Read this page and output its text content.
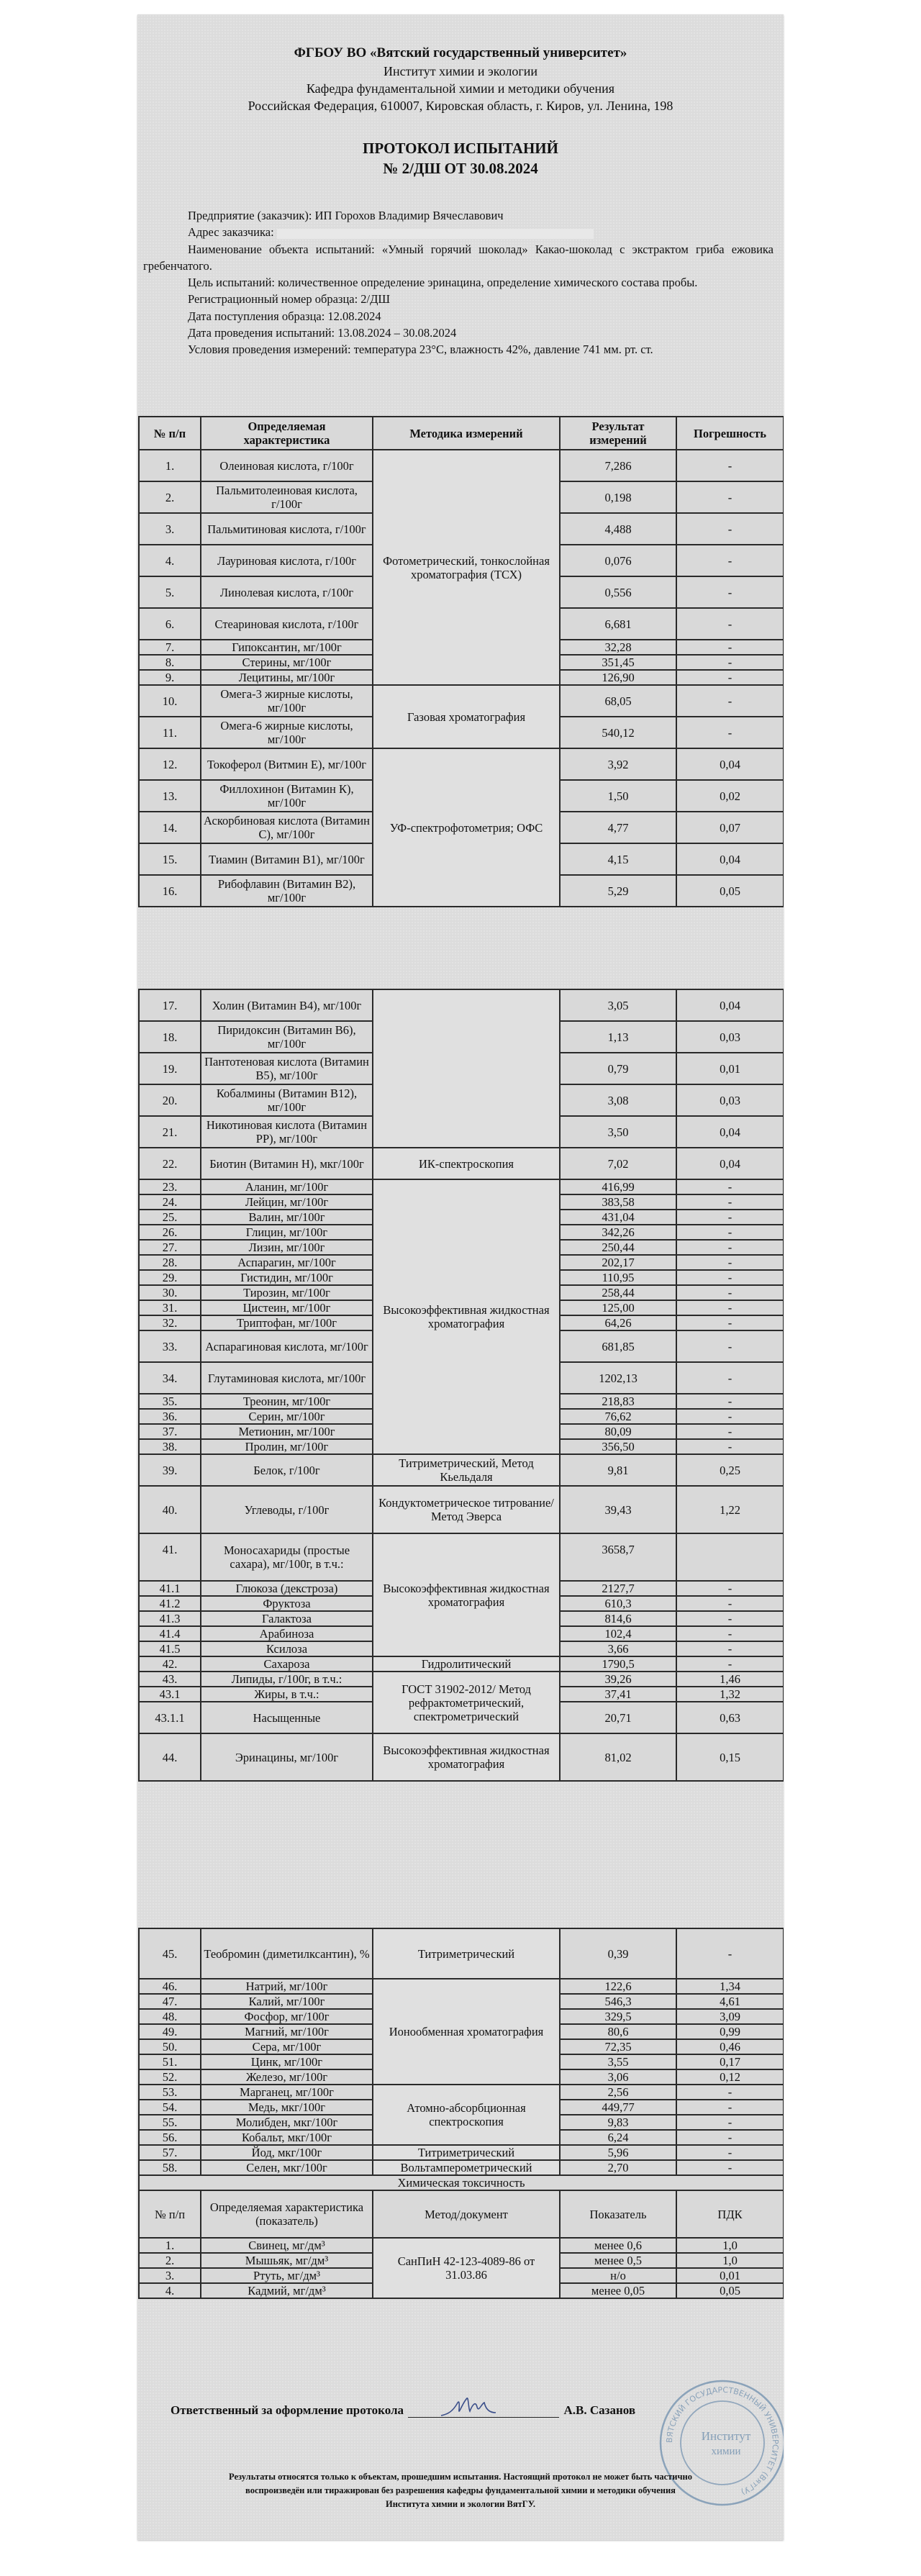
ФГБОУ ВО «Вятский государственный университет»
Институт химии и экологии
Кафедра фундаментальной химии и методики обучения
Российская Федерация, 610007, Кировская область, г. Киров, ул. Ленина, 198
ПРОТОКОЛ ИСПЫТАНИЙ
№ 2/ДШ ОТ 30.08.2024

Предприятие (заказчик): ИП Горохов Владимир Вячеславович

Адрес заказчика:

Наименование объекта испытаний: «Умный горячий шоколад» Какао-шоколад с экстрактом гриба ежовика гребенчатого.

Цель испытаний: количественное определение эринацина, определение химического состава пробы.

Регистрационный номер образца: 2/ДШ

Дата поступления образца: 12.08.2024

Дата проведения испытаний: 13.08.2024 – 30.08.2024

Условия проведения измерений: температура 23°С, влажность 42%, давление 741 мм. рт. ст.

№ п/п	Определяемая характеристика	Методика измерений	Результат измерений	Погрешность
1.	Олеиновая кислота, г/100г	Фотометрический, тонкослойная хроматография (ТСХ)	7,286	-
2.	Пальмитолеиновая кислота, г/100г		0,198	-
3.	Пальмитиновая кислота, г/100г		4,488	-
4.	Лауриновая кислота, г/100г		0,076	-
5.	Линолевая кислота, г/100г		0,556	-
6.	Стеариновая кислота, г/100г		6,681	-
7.	Гипоксантин, мг/100г		32,28	-
8.	Стерины, мг/100г		351,45	-
9.	Лецитины, мг/100г		126,90	-
10.	Омега-3 жирные кислоты, мг/100г	Газовая хроматография	68,05	-
11.	Омега-6 жирные кислоты, мг/100г		540,12	-
12.	Токоферол (Витмин Е), мг/100г	УФ-спектрофотометрия; ОФС	3,92	0,04
13.	Филлохинон (Витамин К), мг/100г		1,50	0,02
14.	Аскорбиновая кислота (Витамин С), мг/100г		4,77	0,07
15.	Тиамин (Витамин B1), мг/100г		4,15	0,04
16.	Рибофлавин (Витамин B2), мг/100г		5,29	0,05
17.	Холин (Витамин B4), мг/100г		3,05	0,04
18.	Пиридоксин (Витамин B6), мг/100г		1,13	0,03
19.	Пантотеновая кислота (Витамин B5), мг/100г		0,79	0,01
20.	Кобалмины (Витамин B12), мг/100г		3,08	0,03
21.	Никотиновая кислота (Витамин PP), мг/100г		3,50	0,04
22.	Биотин (Витамин H), мкг/100г	ИК-спектроскопия	7,02	0,04
23.	Аланин, мг/100г	Высокоэффективная жидкостная хроматография	416,99	-
24.	Лейцин, мг/100г		383,58	-
25.	Валин, мг/100г		431,04	-
26.	Глицин, мг/100г		342,26	-
27.	Лизин, мг/100г		250,44	-
28.	Аспарагин, мг/100г		202,17	-
29.	Гистидин, мг/100г		110,95	-
30.	Тирозин, мг/100г		258,44	-
31.	Цистеин, мг/100г		125,00	-
32.	Триптофан, мг/100г		64,26	-
33.	Аспарагиновая кислота, мг/100г		681,85	-
34.	Глутаминовая кислота, мг/100г		1202,13	-
35.	Треонин, мг/100г		218,83	-
36.	Серин, мг/100г		76,62	-
37.	Метионин, мг/100г		80,09	-
38.	Пролин, мг/100г		356,50	-
39.	Белок, г/100г	Титриметрический, Метод Кьельдаля	9,81	0,25
40.	Углеводы, г/100г	Кондуктометрическое титрование/Метод Эверса	39,43	1,22
41.	Моносахариды (простые сахара), мг/100г, в т.ч.:	Высокоэффективная жидкостная хроматография	3658,7	
41.1	Глюкоза (декстроза)		2127,7	-
41.2	Фруктоза		610,3	-
41.3	Галактоза		814,6	-
41.4	Арабиноза		102,4	-
41.5	Ксилоза		3,66	-
42.	Сахароза	Гидролитический	1790,5	-
43.	Липиды, г/100г, в т.ч.:	ГОСТ 31902-2012/ Метод рефрактометрический, спектрометрический	39,26	1,46
43.1	Жиры, в т.ч.:		37,41	1,32
43.1.1	Насыщенные		20,71	0,63
44.	Эринацины, мг/100г	Высокоэффективная жидкостная хроматография	81,02	0,15
45.	Теобромин (диметилксантин), %	Титриметрический	0,39	-
46.	Натрий, мг/100г	Ионообменная хроматография	122,6	1,34
47.	Калий, мг/100г		546,3	4,61
48.	Фосфор, мг/100г		329,5	3,09
49.	Магний, мг/100г		80,6	0,99
50.	Сера, мг/100г		72,35	0,46
51.	Цинк, мг/100г		3,55	0,17
52.	Железо, мг/100г		3,06	0,12
53.	Марганец, мг/100г	Атомно-абсорбционная спектроскопия	2,56	-
54.	Медь, мкг/100г		449,77	-
55.	Молибден, мкг/100г		9,83	-
56.	Кобальт, мкг/100г		6,24	-
57.	Йод, мкг/100г	Титриметрический	5,96	-
58.	Селен, мкг/100г	Вольтамперометрический	2,70	-
Химическая токсичность				
№ п/п	Определяемая характеристика (показатель)	Метод/документ	Показатель	ПДК
1.	Свинец, мг/дм³	СанПиН 42-123-4089-86 от 31.03.86	менее 0,6	1,0
2.	Мышьяк, мг/дм³		менее 0,5	1,0
3.	Ртуть, мг/дм³		н/о	0,01
4.	Кадмий, мг/дм³		менее 0,05	0,05
Ответственный за оформление протокола	А.В. Сазанов
ВЯТСКИЙ ГОСУДАРСТВЕННЫЙ УНИВЕРСИТЕТ (ВятГУ)
Институт
химии
Результаты относятся только к объектам, прошедшим испытания. Настоящий протокол не может быть частично
воспроизведён или тиражирован без разрешения кафедры фундаментальной химии и методики обучения
Института химии и экологии ВятГУ.
